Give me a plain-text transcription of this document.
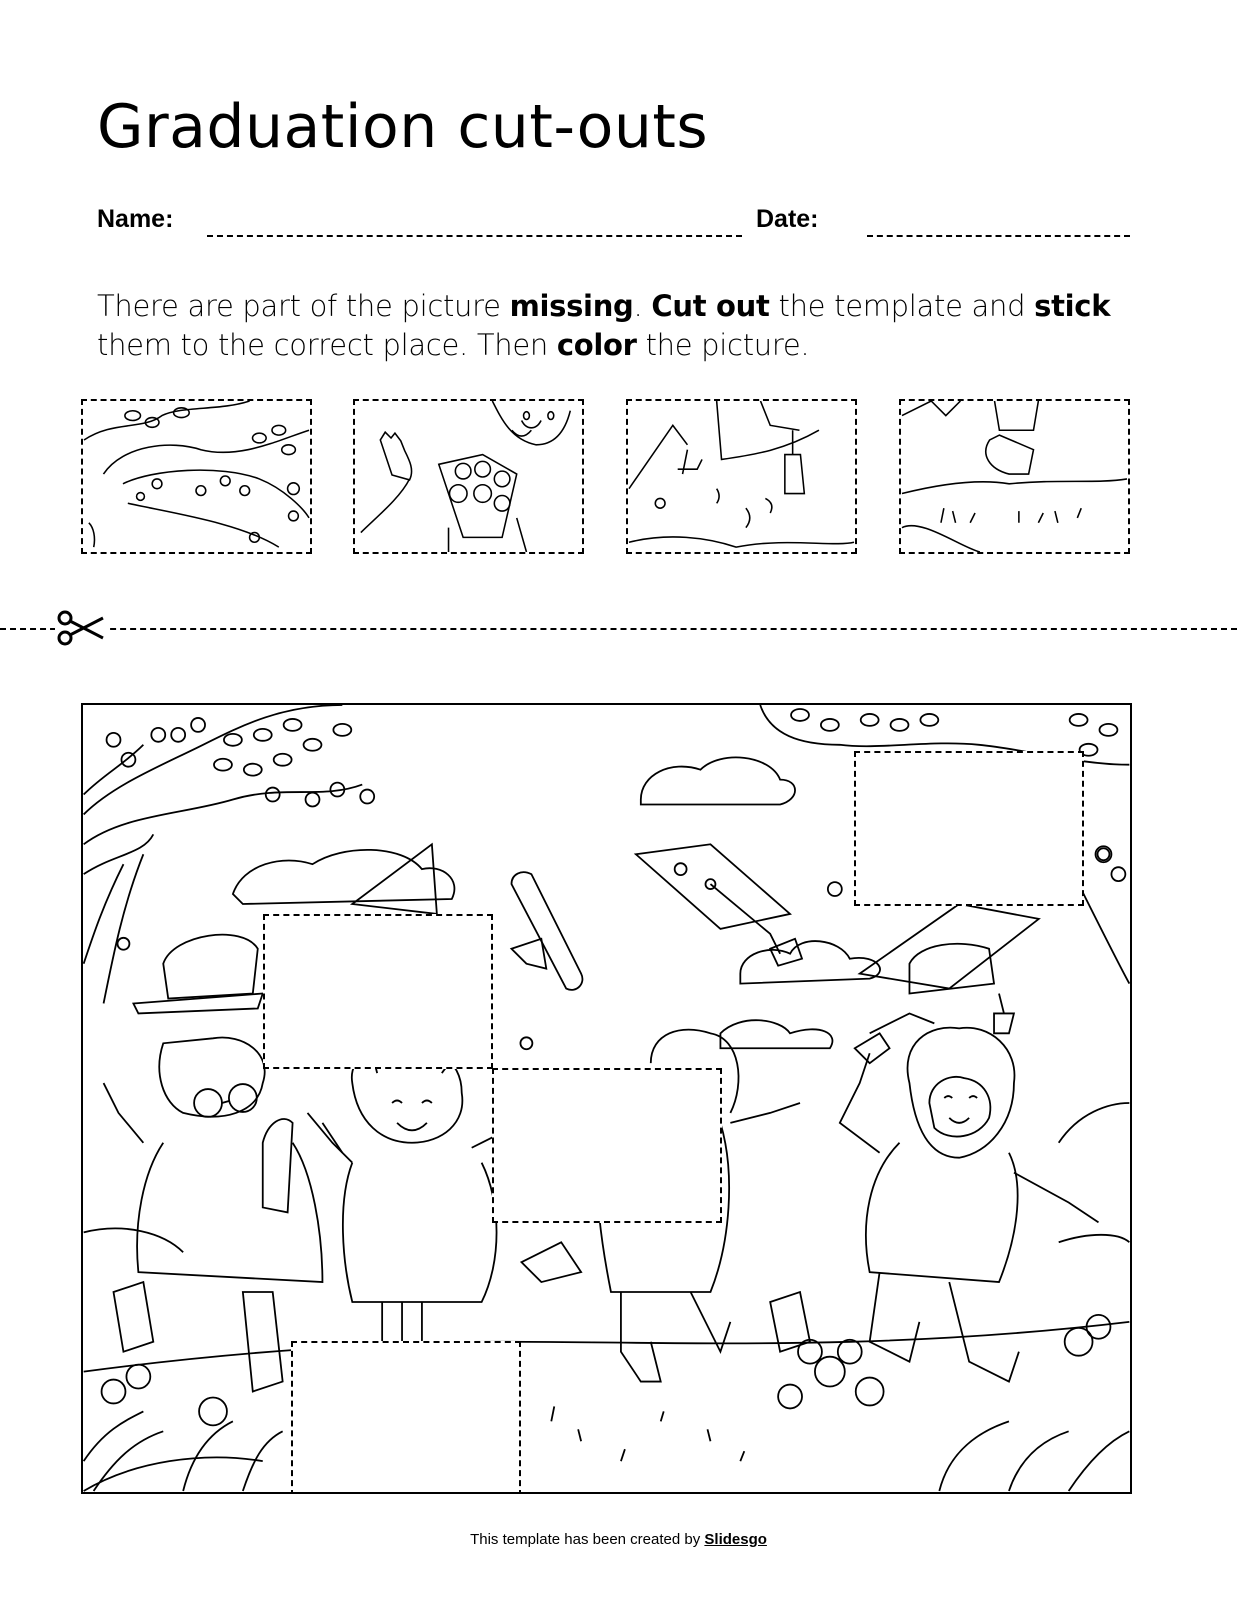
Graduation cut-outs
Name:	Date:
There are part of the picture missing. Cut out the template and stick them to the correct place. Then color the picture.
This template has been created by Slidesgo
